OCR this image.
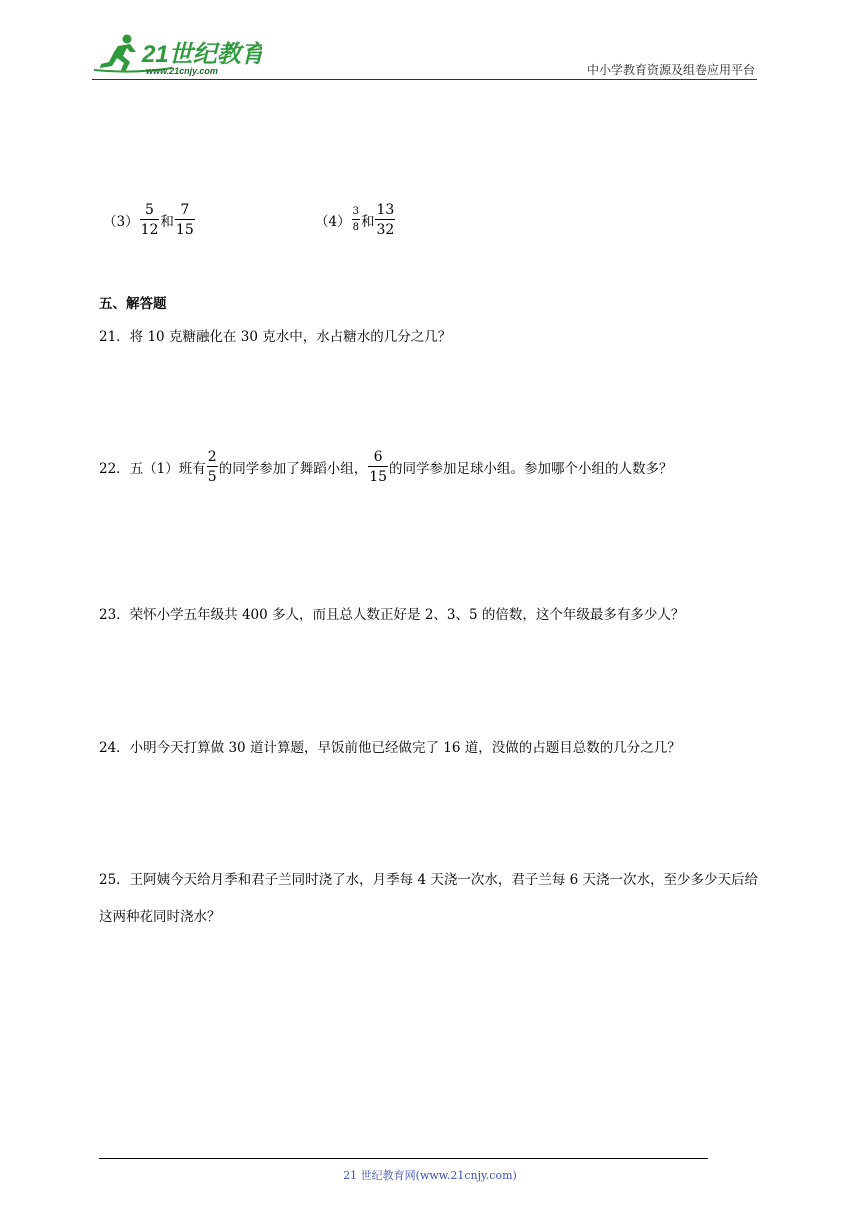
21世纪教育
www.21cnjy.com	中小学教育资源及组卷应用平台
$(3) \frac{5}{12}$ 和 $\frac{7}{15}$	$(4) \frac{3}{8}$ 和 $\frac{13}{32}$
五、解答题
21．将 10 克糖融化在 30 克水中，水占糖水的几分之几？
22．五（1）班有 $\frac{2}{5}$ 的同学参加了舞蹈小组， $\frac{6}{15}$ 的同学参加足球小组。参加哪个小组的人数多？
23．荣怀小学五年级共 400 多人，而且总人数正好是 2、3、5 的倍数，这个年级最多有多少人？
24．小明今天打算做 30 道计算题，早饭前他已经做完了 16 道，没做的占题目总数的几分之几？
25．王阿姨今天给月季和君子兰同时浇了水，月季每 4 天浇一次水，君子兰每 6 天浇一次水，至少多少天后给这两种花同时浇水？
21 世纪教育网(www.21cnjy.com)
